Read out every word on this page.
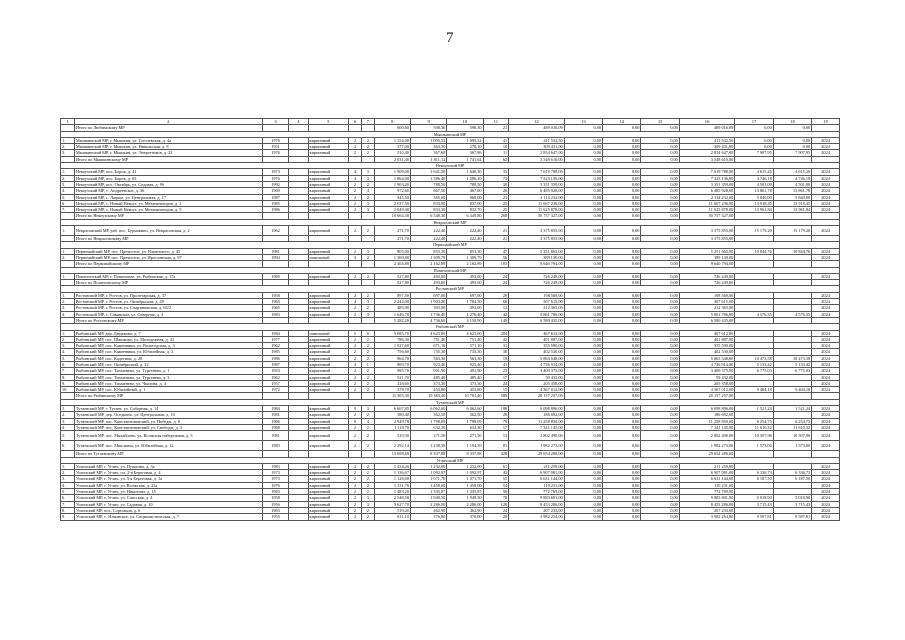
7
1	2	3	4	5	6	7	8	9	10	11	12	13	14	15	16	17	18	19
	Итого по Любимскому МР						600,60	598,30	598,30	21	489 016,09	0,00	0,00	0,00	489 016,09	0,00	0,00	
Мышкинский МР																		
1.	Мышкинский МР, г. Мышкин, ул. Гоголевская, д. 4а	1976		кирпичный	2	2	1 154,00	1 095,52	1 095,52	41	411 532,50	0,00	0,00	0,00	411 532,50	0,00	0,00	2024
2.	Мышкинский МР, г. Мышкин, ул. Никольская, д. 8	1951		кирпичный	2	2	377,00	363,50	278,10	10	309 431,00	0,00	0,00	0,00	309 431,00	0,00	0,00	2024
3.	Мышкинский МР, г. Мышкин, ул. Энергетиков, д. 22	1976		кирпичный	2	2	510,40	367,60	367,86	11	2 834 647,00	0,00	0,00	0,00	2 834 647,00	7 907,95	7 907,95	2024
	Итого по Мышкинскому МР						2 031,40	1 811,12	1 741,62	62	3 548 610,00	0,00	0,00	0,00	3 548 610,00			
Некоузский МР																		
1.	Некоузский МР, пос. Борок, д. 41	1973		кирпичный	4	3	1 909,00	1 641,50	1 640,30	33	7 619 788,00	0,00	0,00	0,00	7 619 788,00	4 615,26	4 615,26	2024
2.	Некоузский МР, пос. Борок, д. 65	1976		кирпичный	4	3	1 864,00	1 586,40	1 586,10	73	7 323 136,00	0,00	0,00	0,00	7 323 136,00	4 746,18	4 746,18	2024
3.	Некоузский МР, пос. Октябрь, ул. Садовая, д. 9б	1992		кирпичный	2	2	1 903,20	788,50	788,50	30	3 351 359,00	0,00	0,00	0,00	3 351 359,00	4 501,00	4 501,00	2024
4.	Некоузский МР, с. Андреевское, д. 36	1969		кирпичный	2	4	972,60	667,50	467,00	26	6 485 928,00	0,00	0,00	0,00	6 485 928,00	13 861,78	13 861,78	2024
5.	Некоузский МР, с. Лацкое, ул. Центральная, д. 17	1987		кирпичный	2	2	345,50	365,00	968,00	21	2 114 232,00	0,00	0,00	0,00	2 114 232,00	5 840,00	5 840,00	2024
6.	Некоузский МР, с. Новый Некоуз, ул. Механизаторов, д. 3	1985		кирпичный	2	3	2 037,50	833,00	837,00	25	11 667 236,00	0,00	0,00	0,00	11 667 236,00	13 918,45	13 918,45	2024
7.	Некоузский МР, с. Новый Некоуз, ул. Механизаторов, д. 5	1986		кирпичный	2	3	2 049,40	833,30	832,70	25	11 625 878,00	0,00	0,00	0,00	11 625 878,00	13 961,84	13 961,84	2024
	Итого по Некоузскому МР						10 664,30	6 548,30	6 349,80	268	50 757 327,00	0,00	0,00	0,00	50 757 327,00			
Некрасовский МР																		
1.	Некрасовский МР, раб. пос. Бурмакино, ул. Некрасовская, д. 2	1962		кирпичный	2	2	271,70	222,40	222,40	21	3 375 855,00	0,00	0,00	0,00	3 375 855,00	15 179,20	15 179,20	2024
	Итого по Некрасовскому МР						271,70	222,40	222,40	21	3 375 855,00	0,00	0,00	0,00	3 375 855,00			
Первомайский МР																		
1.	Первомайский МР, пос. Пречистое, ул. Ильинского, д. 45	1981		кирпичный	2	3	805,00	853,30	853,30	47	5 251 665,00	0,00	0,00	0,00	5 251 665,00	10 844,76	10 844,76	2024
2.	Первомайский МР, пос. Пречистое, ул. Ярославская, д. 97	1994		панельный	3	2	1 369,80	1 309,79	1 309,79	56	389 130,00	0,00	0,00	0,00	389 130,00			2024
	Итого по Первомайскому МР						2 304,80	2 162,89	2 162,89	103	9 640 794,00	0,00	0,00	0,00	9 640 794,00			
Пошехонский МР																		
1.	Пошехонский МР, г. Пошехонье, ул. Рыбинская, д. 17а	1969		кирпичный	2	2	527,80	493,00	493,00	24	726 249,00	0,00	0,00	0,00	726 249,00			2024
	Итого по Пошехонскому МР						527,80	493,00	493,00	24	726 249,00	0,00	0,00	0,00	726 249,00			
Ростовский МР																		
1.	Ростовский МР, г. Ростов, ул. Пролетарская, д. 37	1958		кирпичный	2	2	897,50	697,00	697,00	29	198 569,00	0,00	0,00	0,00	198 569,00			2024
2.	Ростовский МР, г. Ростов, ул. Октябрьская, д. 49	1963		кирпичный	4	3	2 244,00	1 903,20	1 784,50	66	307 615,00	0,00	0,00	0,00	307 615,00			2024
3.	Ростовский МР, г. Ростов, ул. Спартаковская, д. 65/2	1965		кирпичный	2	2	485,00	393,00	393,00	12	212 365,00	0,00	0,00	0,00	212 365,00			2024
4.	Ростовский МР, с. Савинское, ул. Северная, д. 4	1983		кирпичный	2	3	1 646,70	1 736,40	1 276,40	42	5 861 786,00	0,00	0,00	0,00	5 861 786,00	4 576,35	4 576,35	2024
	Итого по Ростовскому МР						5 282,20	4 736,60	4 150,90	149	6 580 435,00	0,00	0,00	0,00	6 580 435,00			
Рыбинский МР																		
1.	Рыбинский МР, дер. Дюдьково, д. 7	1984		панельный	5	6	5 085,70	4 623,00	4 623,00	204	467 612,00	0,00	0,00	0,00	467 612,00			2024
2.	Рыбинский МР, пос. Шашково, ул. Молодежная, д. 41	1977		кирпичный	2	2	786,30	751,40	751,40	42	401 887,00	0,00	0,00	0,00	401 887,00			2024
3.	Рыбинский МР, пос. Каменники, ул. Вологодская, д. 3	1962		кирпичный	2	2	1 027,60	671,10	571,10	31	355 590,00	0,00	0,00	0,00	355 590,00			2024
4.	Рыбинский МР, пос. Каменники, ул. Юбилейная, д. 3	1985		кирпичный	2	2	756,60	735,30	735,30	30	402 530,00	0,00	0,00	0,00	402 530,00			2024
5.	Рыбинский МР, пос. Кадетики, д. 28	1986		кирпичный	2	2	964,70	563,30	563,30	19	5 863 548,00	0,00	0,00	0,00	5 863 548,00	10 473,58	10 473,58	2024
6.	Рыбинский МР, пос. Октябрьский, д. 12	1987		кирпичный	4	1	869,70	923,40	923,40	41	4 736 914,00	0,00	0,00	0,00	4 736 914,00	5 133,42	5 133,42	2024
7.	Рыбинский МР, пос. Тихменево, ул. Тургенева, д. 1	1953		кирпичный	2	2	985,70	901,90	491,90	23	3 409 375,00	0,00	0,00	0,00	3 409 375,00	6 775,03	6 775,03	2024
8.	Рыбинский МР, пос. Тихменево, ул. Тургенева, д. 3	1962		кирпичный	2	2	521,70	485,40	485,40	17	59 432,00	0,00	0,00	0,00	59 432,00			2024
9.	Рыбинский МР, пос. Тихменево, ул. Чкалова, д. 4	1957		кирпичный	2	2	418,60	373,30	373,30	24	205 358,00	0,00	0,00	0,00	205 358,00			2024
10.	Рыбинский МР, пос. Юбилейный, д. 1	1972		кирпичный	2	2	378,70	453,80	453,80	15	4 367 012,00	0,00	0,00	0,00	4 367 012,00	9 404,18	9 404,18	2024
	Итого по Рыбинскому МР						11 305,30	10 383,40	10 781,40	588	20 157 257,00	0,00	0,00	0,00	20 157 257,00			
Тутаевский МР																		
1.	Тутаевский МР, г. Тутаев, ул. Соборная, д. 14	1984		кирпичный	9	3	6 667,85	6 062,60	6 062,60	198	6 098 896,00	0,00	0,00	0,00	6 098 896,00	1 521,24	1 521,24	2024
2.	Тутаевский МР, дер. Оседкино, ул. Центральная, д. 10	1981		кирпичный	2	2	380,40	362,50	362,50	26	186 692,00	0,00	0,00	0,00	186 692,00			2024
3.	Тутаевский МР, пос. Константиновский, ул. Победы, д. 8	1966		кирпичный	9	4	2 949,78	1 798,09	1 798,09	79	11 258 850,00	0,00	0,00	0,00	11 258 850,00	6 254,75	6 254,75	2024
4.	Тутаевский МР, пос. Константиновский, ул. Свободы, д. 3	1968		кирпичный	2	2	1 118,70	632,30	632,30	17	7 341 145,00	0,00	0,00	0,00	7 341 145,00	11 610,32	11 610,32	2024
5.	Тутаевский МР, пос. Михайлово, ул. Волжская набережная, д. 3	1981		кирпичный	2	2	319,30	271,50	271,50	13	2 802 490,00	0,00	0,00	0,00	2 802 490,00	10 307,96	10 307,96	2024
6.	Тутаевский МР, пос. Микляиха, ул. Юбилейная, д. 12	1983		кирпичный	2	2	2 292,14	1 238,39	1 194,39	81	1 982 273,00	0,00	0,00	0,00	1 982 273,00	1 573,00	1 573,00	2024
	Итого по Тутаевскому МР						13 698,69	8 337,88	8 337,88	428	29 654 286,00	0,00	0,00	0,00	29 654 286,00			
Угличский МР																		
1.	Угличский МР, г. Углич, ул. Пушкина, д. 3а	1983		кирпичный	2	2	1 434,20	1 232,00	1 232,00	61	211 259,00	0,00	0,00	0,00	211 259,00			2024
2.	Угличский МР, г. Углич, пл. 2-я Береговая, д. 4	1973		кирпичный	2	2	1 136,67	1 092,97	1 092,97	43	6 907 081,00	0,00	0,00	0,00	6 907 081,00	6 336,73	6 336,73	2024
3.	Угличский МР, г. Углич, ул. 3-я Береговая, д. 1а	1973		кирпичный	2	2	1 128,00	1 071,70	1 071,70	55	6 631 144,00	0,00	0,00	0,00	6 631 144,00	6 187,50	6 187,50	2024
4.	Угличский МР, г. Углич, ул. Волжская, д. 23а	1976		кирпичный	2	2	1 131,76	1 458,00	1 458,00	54	110 231,00	0,00	0,00	0,00	110 231,00			2024
5.	Угличский МР, г. Углич, ул. Никитина, д. 15	1963		кирпичный	2	2	1 483,20	1 335,87	1 335,87	56	772 769,00	0,00	0,00	0,00	772 769,00			2024
6.	Угличский МР, г. Углич, ул. Спасская, д. 4	1958		кирпичный	2	3	2 548,50	1 949,50	1 949,50	79	9 883 691,00	0,00	0,00	0,00	9 883 691,00	5 018,90	5 018,90	2024
7.	Угличский МР, г. Углич, ул. Садовая, д. 10	1956		кирпичный	2	3	3 627,70	2 286,00	2 286,00	128	8 453 286,00	0,00	0,00	0,00	8 453 286,00	3 715,43	3 715,43	2024
8.	Угличский МР, пос. Сортавала, д. 6	1963		кирпичный	2	2	519,20	462,90	462,90	24	207 233,00	0,00	0,00	0,00	207 233,00			2024
9.	Угличский МР, с. Ильинское, ул. Социалистическая, д. 7	1955		кирпичный	2	2	811,10	376,00	376,00	20	3 982 254,00	0,00	0,00	0,00	3 982 254,00	9 587,81	9 587,81	2024
